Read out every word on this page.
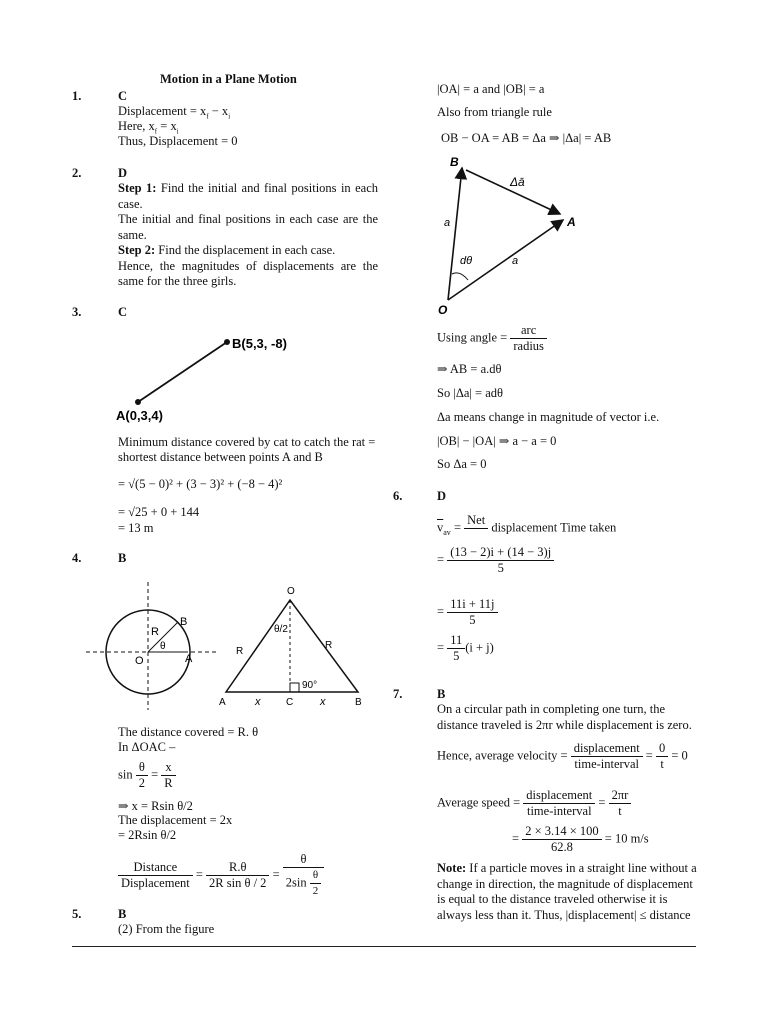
Motion in a Plane Motion
1.	C
Displacement = $x_f - x_i$
Here, $x_f = x_i$
Thus, Displacement = 0
2.	D
Step 1: Find the initial and final positions in each case.
The initial and final positions in each case are the same.
Step 2: Find the displacement in each case.
Hence, the magnitudes of displacements are the same for the three girls.
3.	C
B(5,3, -8)
A(0,3,4)
Minimum distance covered by cat to catch the rat = shortest distance between points A and B
= √(5 − 0)² + (3 − 3)² + (−8 − 4)²
= √25 + 0 + 144
= 13 m
4.	B
B
R
θ
O	A
O
θ/2
R
R
90°
A	x	C x	B
The distance covered = R. θ
In ΔOAC –
$\sin \frac{\theta}{2} = \frac{x}{R}$
⇒ x = Rsin θ/2
The displacement = 2x
= 2Rsin θ/2
$\frac{\text{Distance}}{\text{Displacement}} = \frac{R.\theta}{\text{2R sin θ / 2}} = \frac{\theta}{2\sin \frac{\theta}{2}}$
5.	B
(2) From the figure
|OA| = a and |OB| = a
Also from triangle rule
OB − OA = AB = Δa ⇒ |Δa| = AB
B
Δā
A
a
dθ	a
O
Using angle = $\frac{\text{arc}}{\text{radius}}$
⇒ AB = a.dθ
So |Δa| = adθ
Δa means change in magnitude of vector i.e.
|OB| − |OA| ⇒ a − a = 0
So Δa = 0
6.	D
$\overline{v}_{av}$ =
Net

displacement Time taken
= $\frac{(13 - 2)i + (14 - 3)j}{5}$
= $\frac{11i + 11j}{5}$
= $\frac{11}{5} (i + j)$
7.	B
On a circular path in completing one turn, the distance traveled is 2πr while displacement is zero.
Hence, average velocity = $\frac{\text{displacement}}{\text{time-interval}} = \frac{0}{t} = 0$
Average speed = $\frac{\text{displacement}}{\text{time-interval}} = \frac{2\pi r}{t}$
= $\frac{2 \times 3.14 \times 100}{62.8} = 10$ m/s
Note: If a particle moves in a straight line without a change in direction, the magnitude of displacement is equal to the distance traveled otherwise it is always less than it. Thus, |displacement| ≤ distance
